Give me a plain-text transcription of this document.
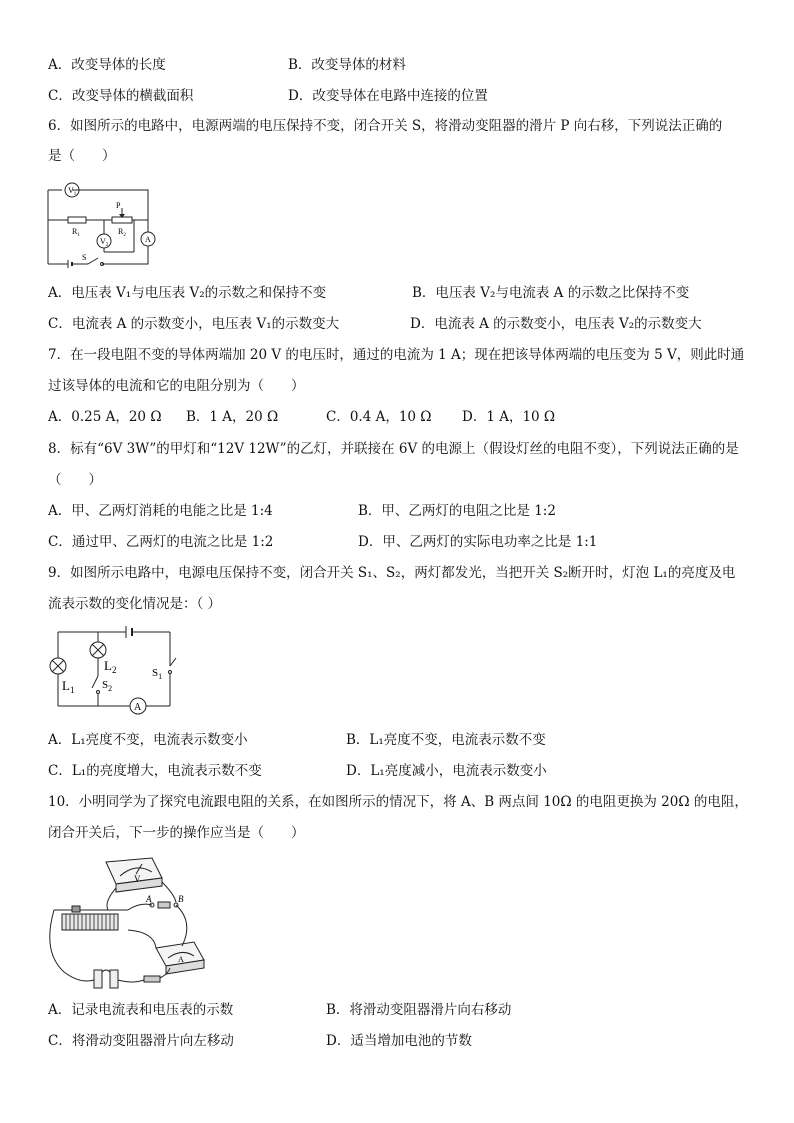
A．改变导体的长度	B．改变导体的材料
C．改变导体的横截面积	D．改变导体在电路中连接的位置
6．如图所示的电路中，电源两端的电压保持不变，闭合开关 S，将滑动变阻器的滑片 P 向右移，下列说法正确的
是（　　）
$V_1$
$V_2$
A
$R_1$	$R_2$
P
S
A．电压表 V₁与电压表 V₂的示数之和保持不变	B．电压表 V₂与电流表 A 的示数之比保持不变
C．电流表 A 的示数变小，电压表 V₁的示数变大	D．电流表 A 的示数变小，电压表 V₂的示数变大
7．在一段电阻不变的导体两端加 20 V 的电压时，通过的电流为 1 A；现在把该导体两端的电压变为 5 V，则此时通
过该导体的电流和它的电阻分别为（　　）
A．0.25 A，20 Ω B．1 A，20 Ω	C．0.4 A，10 Ω D．1 A，10 Ω
8．标有“6V 3W”的甲灯和“12V 12W”的乙灯，并联接在 6V 的电源上（假设灯丝的电阻不变），下列说法正确的是
（　　）
A．甲、乙两灯消耗的电能之比是 1:4	B．甲、乙两灯的电阻之比是 1:2
C．通过甲、乙两灯的电流之比是 1:2	D．甲、乙两灯的实际电功率之比是 1:1
9．如图所示电路中，电源电压保持不变，闭合开关 S₁、S₂，两灯都发光，当把开关 S₂断开时，灯泡 L₁的亮度及电
流表示数的变化情况是：（ ）
$L_1$
$L_2$
$S_2$
$S_1$
A
A．L₁亮度不变，电流表示数变小	B．L₁亮度不变，电流表示数不变
C．L₁的亮度增大，电流表示数不变	D．L₁亮度减小，电流表示数变小
10．小明同学为了探究电流跟电阻的关系，在如图所示的情况下，将 A、B 两点间 10Ω 的电阻更换为 20Ω 的电阻，
闭合开关后，下一步的操作应当是（　　）
V
A
A	B
A．记录电流表和电压表的示数	B．将滑动变阻器滑片向右移动
C．将滑动变阻器滑片向左移动	D．适当增加电池的节数
